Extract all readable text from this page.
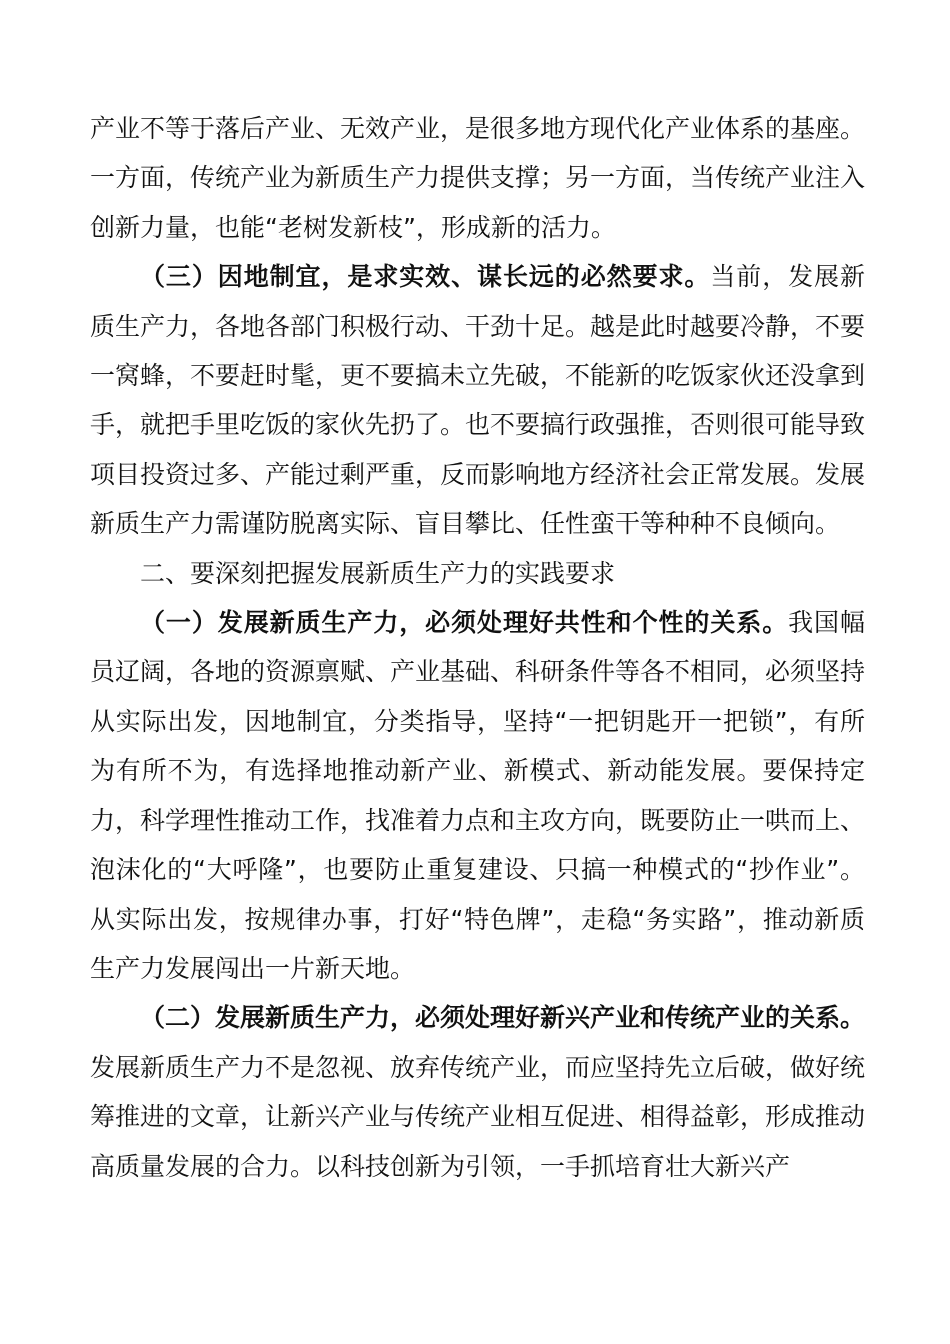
产业不等于落后产业、无效产业，是很多地方现代化产业体系的基座。一方面，传统产业为新质生产力提供支撑；另一方面，当传统产业注入创新力量，也能“老树发新枝”，形成新的活力。

（三）因地制宜，是求实效、谋长远的必然要求。当前，发展新质生产力，各地各部门积极行动、干劲十足。越是此时越要冷静，不要一窝蜂，不要赶时髦，更不要搞未立先破，不能新的吃饭家伙还没拿到手，就把手里吃饭的家伙先扔了。也不要搞行政强推，否则很可能导致项目投资过多、产能过剩严重，反而影响地方经济社会正常发展。发展新质生产力需谨防脱离实际、盲目攀比、任性蛮干等种种不良倾向。

二、要深刻把握发展新质生产力的实践要求

（一）发展新质生产力，必须处理好共性和个性的关系。我国幅员辽阔，各地的资源禀赋、产业基础、科研条件等各不相同，必须坚持从实际出发，因地制宜，分类指导，坚持“一把钥匙开一把锁”，有所为有所不为，有选择地推动新产业、新模式、新动能发展。要保持定力，科学理性推动工作，找准着力点和主攻方向，既要防止一哄而上、泡沫化的“大呼隆”，也要防止重复建设、只搞一种模式的“抄作业”。从实际出发，按规律办事，打好“特色牌”，走稳“务实路”，推动新质生产力发展闯出一片新天地。

（二）发展新质生产力，必须处理好新兴产业和传统产业的关系。发展新质生产力不是忽视、放弃传统产业，而应坚持先立后破，做好统筹推进的文章，让新兴产业与传统产业相互促进、相得益彰，形成推动高质量发展的合力。以科技创新为引领，一手抓培育壮大新兴产
